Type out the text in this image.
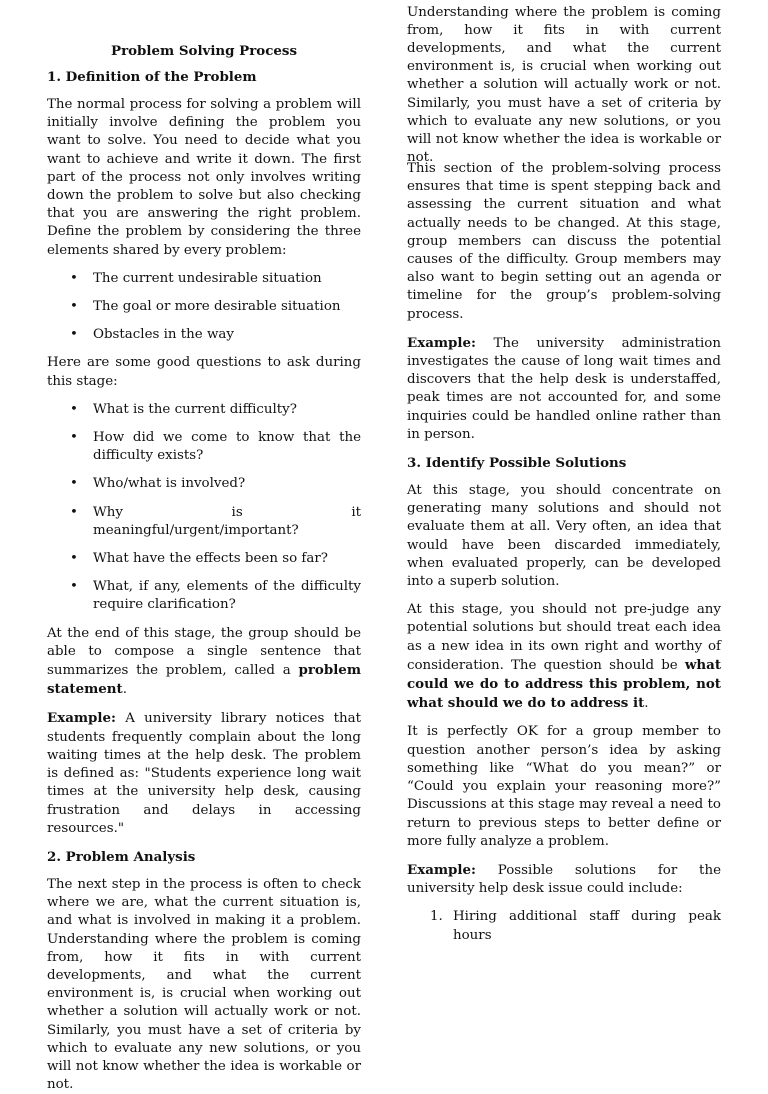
Problem Solving Process
1. Definition of the Problem

The normal process for solving a problem will initially involve defining the problem you want to solve. You need to decide what you want to achieve and write it down. The first part of the process not only involves writing down the problem to solve but also checking that you are answering the right problem. Define the problem by considering the three elements shared by every problem:

• The current undesirable situation
• The goal or more desirable situation
• Obstacles in the way

Here are some good questions to ask during this stage:

• What is the current difficulty?
• How did we come to know that the difficulty exists?
• Who/what is involved?
• Why is it meaningful/urgent/important?
• What have the effects been so far?
• What, if any, elements of the difficulty require clarification?

At the end of this stage, the group should be able to compose a single sentence that summarizes the problem, called a problem statement.

Example: A university library notices that students frequently complain about the long waiting times at the help desk. The problem is defined as: "Students experience long wait times at the university help desk, causing frustration and delays in accessing resources."

2. Problem Analysis

The next step in the process is often to check where we are, what the current situation is, and what is involved in making it a problem. Understanding where the problem is coming from, how it fits in with current developments, and what the current environment is, is crucial when working out whether a solution will actually work or not. Similarly, you must have a set of criteria by which to evaluate any new solutions, or you will not know whether the idea is workable or not.

Understanding where the problem is coming from, how it fits in with current developments, and what the current environment is, is crucial when working out whether a solution will actually work or not. Similarly, you must have a set of criteria by which to evaluate any new solutions, or you will not know whether the idea is workable or not.

This section of the problem-solving process ensures that time is spent stepping back and assessing the current situation and what actually needs to be changed. At this stage, group members can discuss the potential causes of the difficulty. Group members may also want to begin setting out an agenda or timeline for the group’s problem-solving process.

Example: The university administration investigates the cause of long wait times and discovers that the help desk is understaffed, peak times are not accounted for, and some inquiries could be handled online rather than in person.

3. Identify Possible Solutions

At this stage, you should concentrate on generating many solutions and should not evaluate them at all. Very often, an idea that would have been discarded immediately, when evaluated properly, can be developed into a superb solution.

At this stage, you should not pre-judge any potential solutions but should treat each idea as a new idea in its own right and worthy of consideration. The question should be what could we do to address this problem, not what should we do to address it.

It is perfectly OK for a group member to question another person’s idea by asking something like “What do you mean?” or “Could you explain your reasoning more?” Discussions at this stage may reveal a need to return to previous steps to better define or more fully analyze a problem.

Example: Possible solutions for the university help desk issue could include:

1. Hiring additional staff during peak hours
